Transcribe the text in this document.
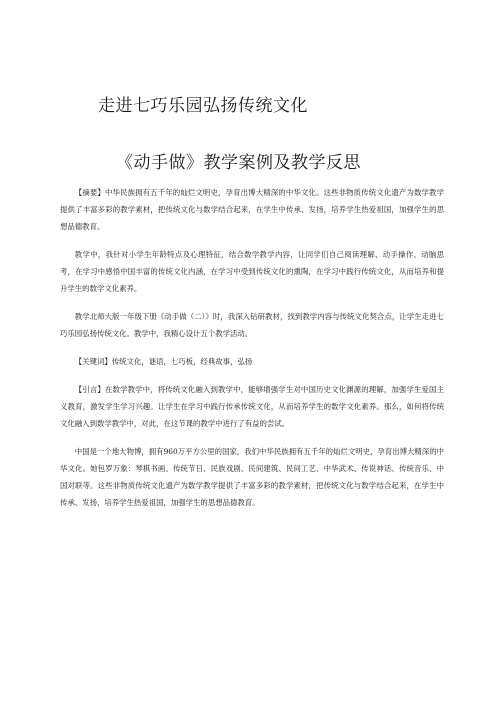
走进七巧乐园弘扬传统文化
《动手做》教学案例及教学反思

【摘要】中华民族拥有五千年的灿烂文明史，孕育出博大精深的中华文化。这些非物质传统文化遗产为数学教学提供了丰富多彩的教学素材，把传统文化与数学结合起来，在学生中传承、发扬，培养学生热爱祖国，加强学生的思想品德教育。

教学中，我针对小学生年龄特点及心理特征，结合数学教学内容，让同学们自己阅读理解、动手操作、动脑思考，在学习中感悟中国丰富的传统文化内涵，在学习中受到传统文化的熏陶，在学习中践行传统文化，从而培养和提升学生的数学文化素养。

教学北师大版一年级下册《动手做（二）》时，我深入钻研教材，找到教学内容与传统文化契合点，让学生走进七巧乐园弘扬传统文化。教学中，我精心设计五个教学活动。

【关键词】传统文化，谜语，七巧板，经典故事，弘扬

【引言】在数学教学中，将传统文化融入到教学中，能够增强学生对中国历史文化渊源的理解，加强学生爱国主义教育，激发学生学习兴趣。让学生在学习中践行传承传统文化，从而培养学生的数学文化素养。那么，如何将传统文化融入到数学教学中，对此，在这节课的教学中进行了有益的尝试。

中国是一个地大物博，拥有960万平方公里的国家，我们中华民族拥有五千年的灿烂文明史，孕育出博大精深的中华文化。她包罗万象：琴棋书画、传统节日、民族戏剧、民间建筑、民间工艺、中华武术、传说神话、传统音乐、中国对联等。这些非物质传统文化遗产为数学教学提供了丰富多彩的教学素材，把传统文化与数学结合起来，在学生中传承、发扬，培养学生热爱祖国，加强学生的思想品德教育。
